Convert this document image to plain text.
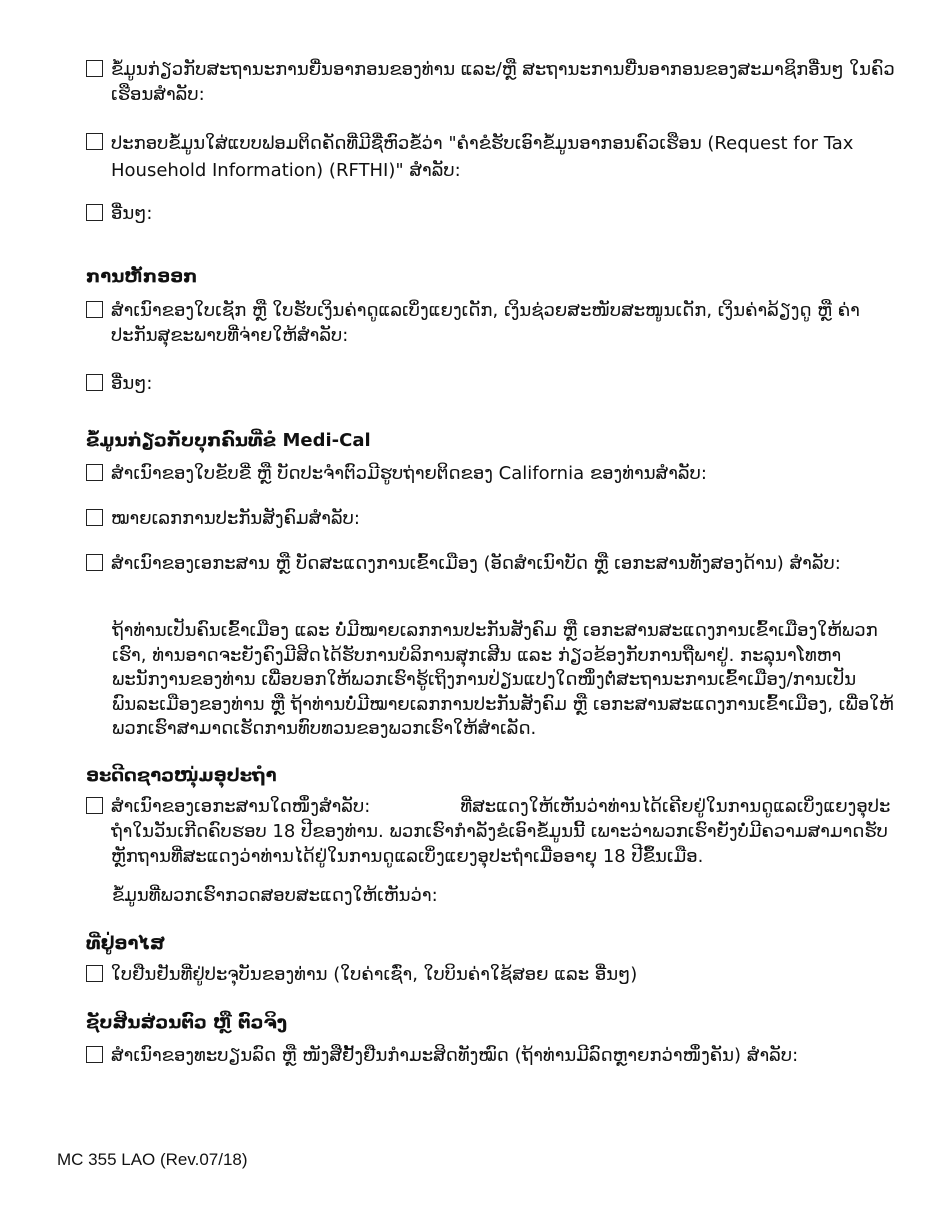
ຂໍ້ມູນກ່ຽວກັບສະຖານະການຍື່ນອາກອນຂອງທ່ານ ແລະ/ຫຼື ສະຖານະການຍື່ນອາກອນຂອງສະມາຊິກອື່ນໆ ໃນຄົວເຮືອນສໍາລັບ:
ປະກອບຂໍ້ມູນໃສ່ແບບຟອມຕິດຄັດທີ່ມີຊື່ຫົວຂໍ້ວ່າ "ຄໍາຂໍຮັບເອົາຂໍ້ມູນອາກອນຄົວເຮືອນ (Request for Tax Household Information) (RFTHI)" ສໍາລັບ:
ອື່ນໆ:
ການຫັກອອກ
ສໍາເນົາຂອງໃບເຊັກ ຫຼື ໃບຮັບເງິນຄ່າດູແລເບິ່ງແຍງເດັກ, ເງິນຊ່ວຍສະໜັບສະໜູນເດັກ, ເງິນຄ່າລ້ຽງດູ ຫຼື ຄ່າປະກັນສຸຂະພາບທີ່ຈ່າຍໃຫ້ສໍາລັບ:
ອື່ນໆ:
ຂໍ້ມູນກ່ຽວກັບບຸກຄົນທີ່ຂໍ Medi-Cal
ສໍາເນົາຂອງໃບຂັບຂີ່ ຫຼື ບັດປະຈໍາຕົວມີຮູບຖ່າຍຕິດຂອງ California ຂອງທ່ານສໍາລັບ:
ໝາຍເລກການປະກັນສັງຄົມສໍາລັບ:
ສໍາເນົາຂອງເອກະສານ ຫຼື ບັດສະແດງການເຂົ້າເມືອງ (ອັດສໍາເນົາບັດ ຫຼື ເອກະສານທັງສອງດ້ານ) ສໍາລັບ:
ຖ້າທ່ານເປັນຄົນເຂົ້າເມືອງ ແລະ ບໍ່ມີໝາຍເລກການປະກັນສັງຄົມ ຫຼື ເອກະສານສະແດງການເຂົ້າເມືອງໃຫ້ພວກເຮົາ, ທ່ານອາດຈະຍັງຄົງມີສິດໄດ້ຮັບການບໍລິການສຸກເສີນ ແລະ ກ່ຽວຂ້ອງກັບການຖືພາຢູ່. ກະລຸນາໂທຫາພະນັກງານຂອງທ່ານ ເພື່ອບອກໃຫ້ພວກເຮົາຮູ້ເຖິງການປ່ຽນແປງໃດໜຶ່ງຕໍ່ສະຖານະການເຂົ້າເມືອງ/ການເປັນພົນລະເມືອງຂອງທ່ານ ຫຼື ຖ້າທ່ານບໍ່ມີໝາຍເລກການປະກັນສັງຄົມ ຫຼື ເອກະສານສະແດງການເຂົ້າເມືອງ, ເພື່ອໃຫ້ພວກເຮົາສາມາດເຮັດການທົບທວນຂອງພວກເຮົາໃຫ້ສໍາເລັດ.
ອະດີດຊາວໜຸ່ມອຸປະຖໍາ
ສໍາເນົາຂອງເອກະສານໃດໜຶ່ງສໍາລັບ:	ທີ່ສະແດງໃຫ້ເຫັນວ່າທ່ານໄດ້ເຄີຍຢູ່ໃນການດູແລເບິ່ງແຍງອຸປະຖໍາໃນວັນເກີດຄົບຮອບ 18 ປີຂອງທ່ານ. ພວກເຮົາກໍາລັງຂໍເອົາຂໍ້ມູນນີ້ ເພາະວ່າພວກເຮົາຍັງບໍ່ມີຄວາມສາມາດຮັບຫຼັກຖານທີ່ສະແດງວ່າທ່ານໄດ້ຢູ່ໃນການດູແລເບິ່ງແຍງອຸປະຖໍາເມື່ອອາຍຸ 18 ປີຂຶ້ນເມືອ.
ຂໍ້ມູນທີ່ພວກເຮົາກວດສອບສະແດງໃຫ້ເຫັນວ່າ:
ທີ່ຢູ່ອາໄສ
ໃບຢືນຢັນທີ່ຢູ່ປະຈຸບັນຂອງທ່ານ (ໃບຄ່າເຊົ່າ, ໃບບິນຄ່າໃຊ້ສອຍ ແລະ ອື່ນໆ)
ຊັບສິນສ່ວນຕົວ ຫຼື ຕົວຈິງ
ສໍາເນົາຂອງທະບຽນລົດ ຫຼື ໜັງສືຢັ້ງຢືນກໍາມະສິດທັງໝົດ (ຖ້າທ່ານມີລົດຫຼາຍກວ່າໜຶ່ງຄັນ) ສໍາລັບ:
MC 355 LAO (Rev.07/18)
